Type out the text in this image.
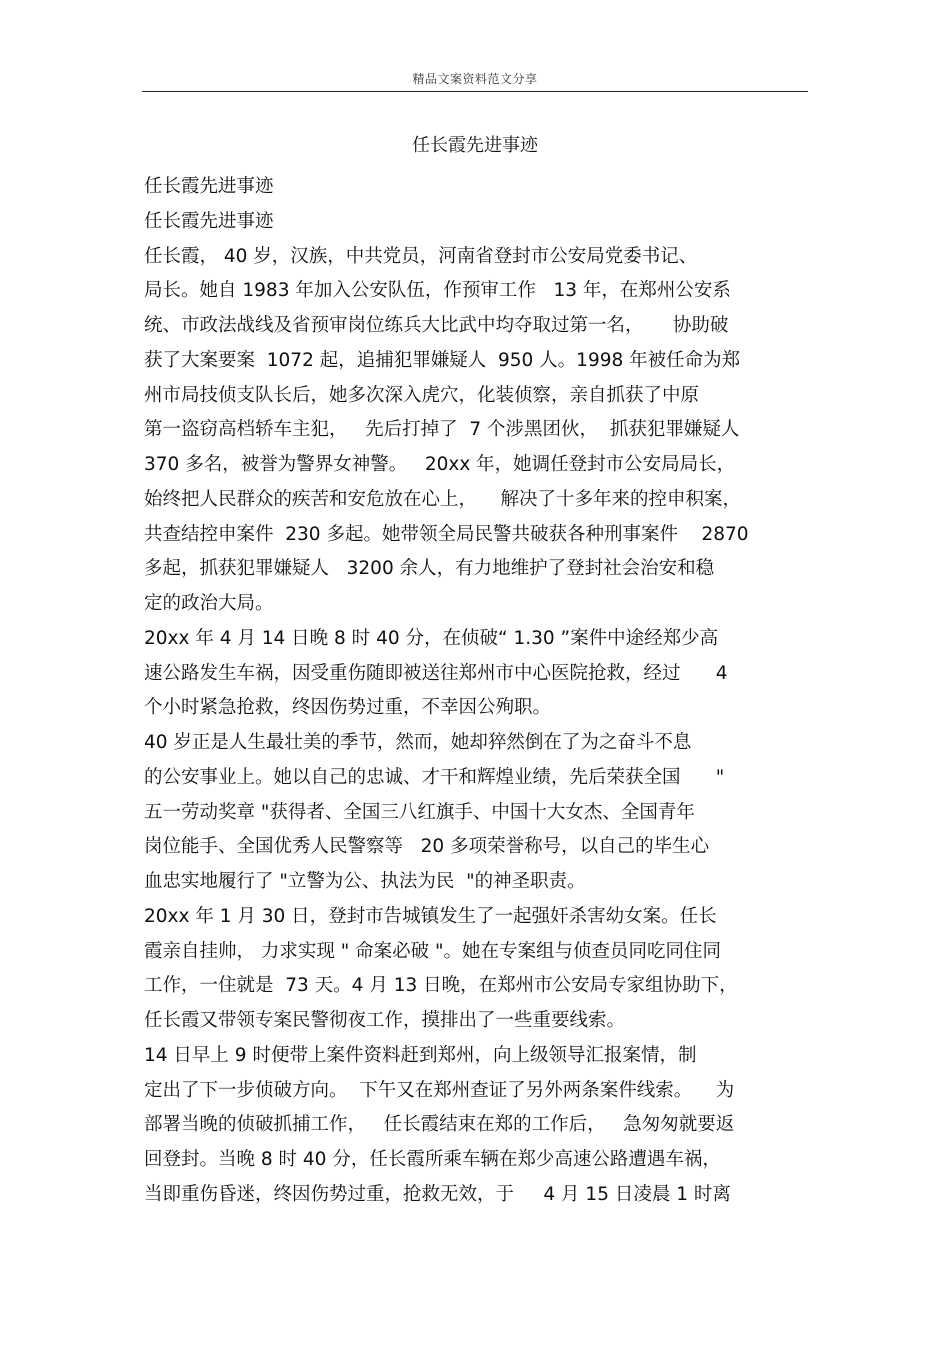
精品文案资料范文分享
任长霞先进事迹
任长霞先进事迹
任长霞先进事迹
任长霞， 40 岁，汉族，中共党员，河南省登封市公安局党委书记、
局长。她自 1983 年加入公安队伍，作预审工作   13 年，在郑州公安系
统、市政法战线及省预审岗位练兵大比武中均夺取过第一名，     协助破
获了大案要案  1072 起，追捕犯罪嫌疑人  950 人。1998 年被任命为郑
州市局技侦支队长后，她多次深入虎穴，化装侦察，亲自抓获了中原
第一盗窃高档轿车主犯，   先后打掉了  7 个涉黑团伙，  抓获犯罪嫌疑人
370 多名，被誉为警界女神警。   20xx 年，她调任登封市公安局局长，
始终把人民群众的疾苦和安危放在心上，    解决了十多年来的控申积案，
共查结控申案件  230 多起。她带领全局民警共破获各种刑事案件    2870
多起，抓获犯罪嫌疑人   3200 余人，有力地维护了登封社会治安和稳
定的政治大局。
20xx 年 4 月 14 日晚 8 时 40 分，在侦破“ 1.30 ”案件中途经郑少高
速公路发生车祸，因受重伤随即被送往郑州市中心医院抢救，经过      4
个小时紧急抢救，终因伤势过重，不幸因公殉职。
40 岁正是人生最壮美的季节，然而，她却猝然倒在了为之奋斗不息
的公安事业上。她以自己的忠诚、才干和辉煌业绩，先后荣获全国      "
五一劳动奖章 "获得者、全国三八红旗手、中国十大女杰、全国青年
岗位能手、全国优秀人民警察等   20 多项荣誉称号，以自己的毕生心
血忠实地履行了 "立警为公、执法为民  "的神圣职责。
20xx 年 1 月 30 日，登封市告城镇发生了一起强奸杀害幼女案。任长
霞亲自挂帅， 力求实现 " 命案必破 "。她在专案组与侦查员同吃同住同
工作，一住就是  73 天。4 月 13 日晚，在郑州市公安局专家组协助下，
任长霞又带领专案民警彻夜工作，摸排出了一些重要线索。
14 日早上 9 时便带上案件资料赶到郑州，向上级领导汇报案情，制
定出了下一步侦破方向。  下午又在郑州查证了另外两条案件线索。    为
部署当晚的侦破抓捕工作，   任长霞结束在郑的工作后，   急匆匆就要返
回登封。当晚 8 时 40 分，任长霞所乘车辆在郑少高速公路遭遇车祸，
当即重伤昏迷，终因伤势过重，抢救无效，于     4 月 15 日凌晨 1 时离
